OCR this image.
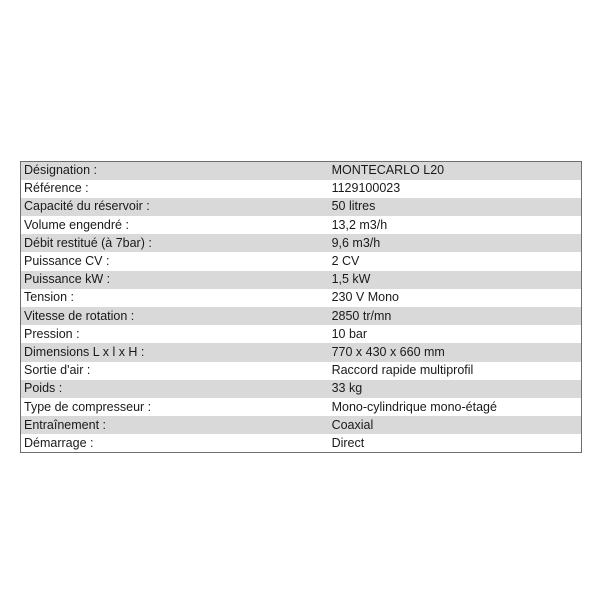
Désignation :	MONTECARLO L20
Référence :	1129100023
Capacité du réservoir :	50 litres
Volume engendré :	13,2 m3/h
Débit restitué (à 7bar) :	9,6 m3/h
Puissance CV :	2 CV
Puissance kW :	1,5 kW
Tension :	230 V Mono
Vitesse de rotation :	2850 tr/mn
Pression :	10 bar
Dimensions L x l x H :	770 x 430 x 660 mm
Sortie d'air :	Raccord rapide multiprofil
Poids :	33 kg
Type de compresseur :	Mono-cylindrique mono-étagé
Entraînement :	Coaxial
Démarrage :	Direct
